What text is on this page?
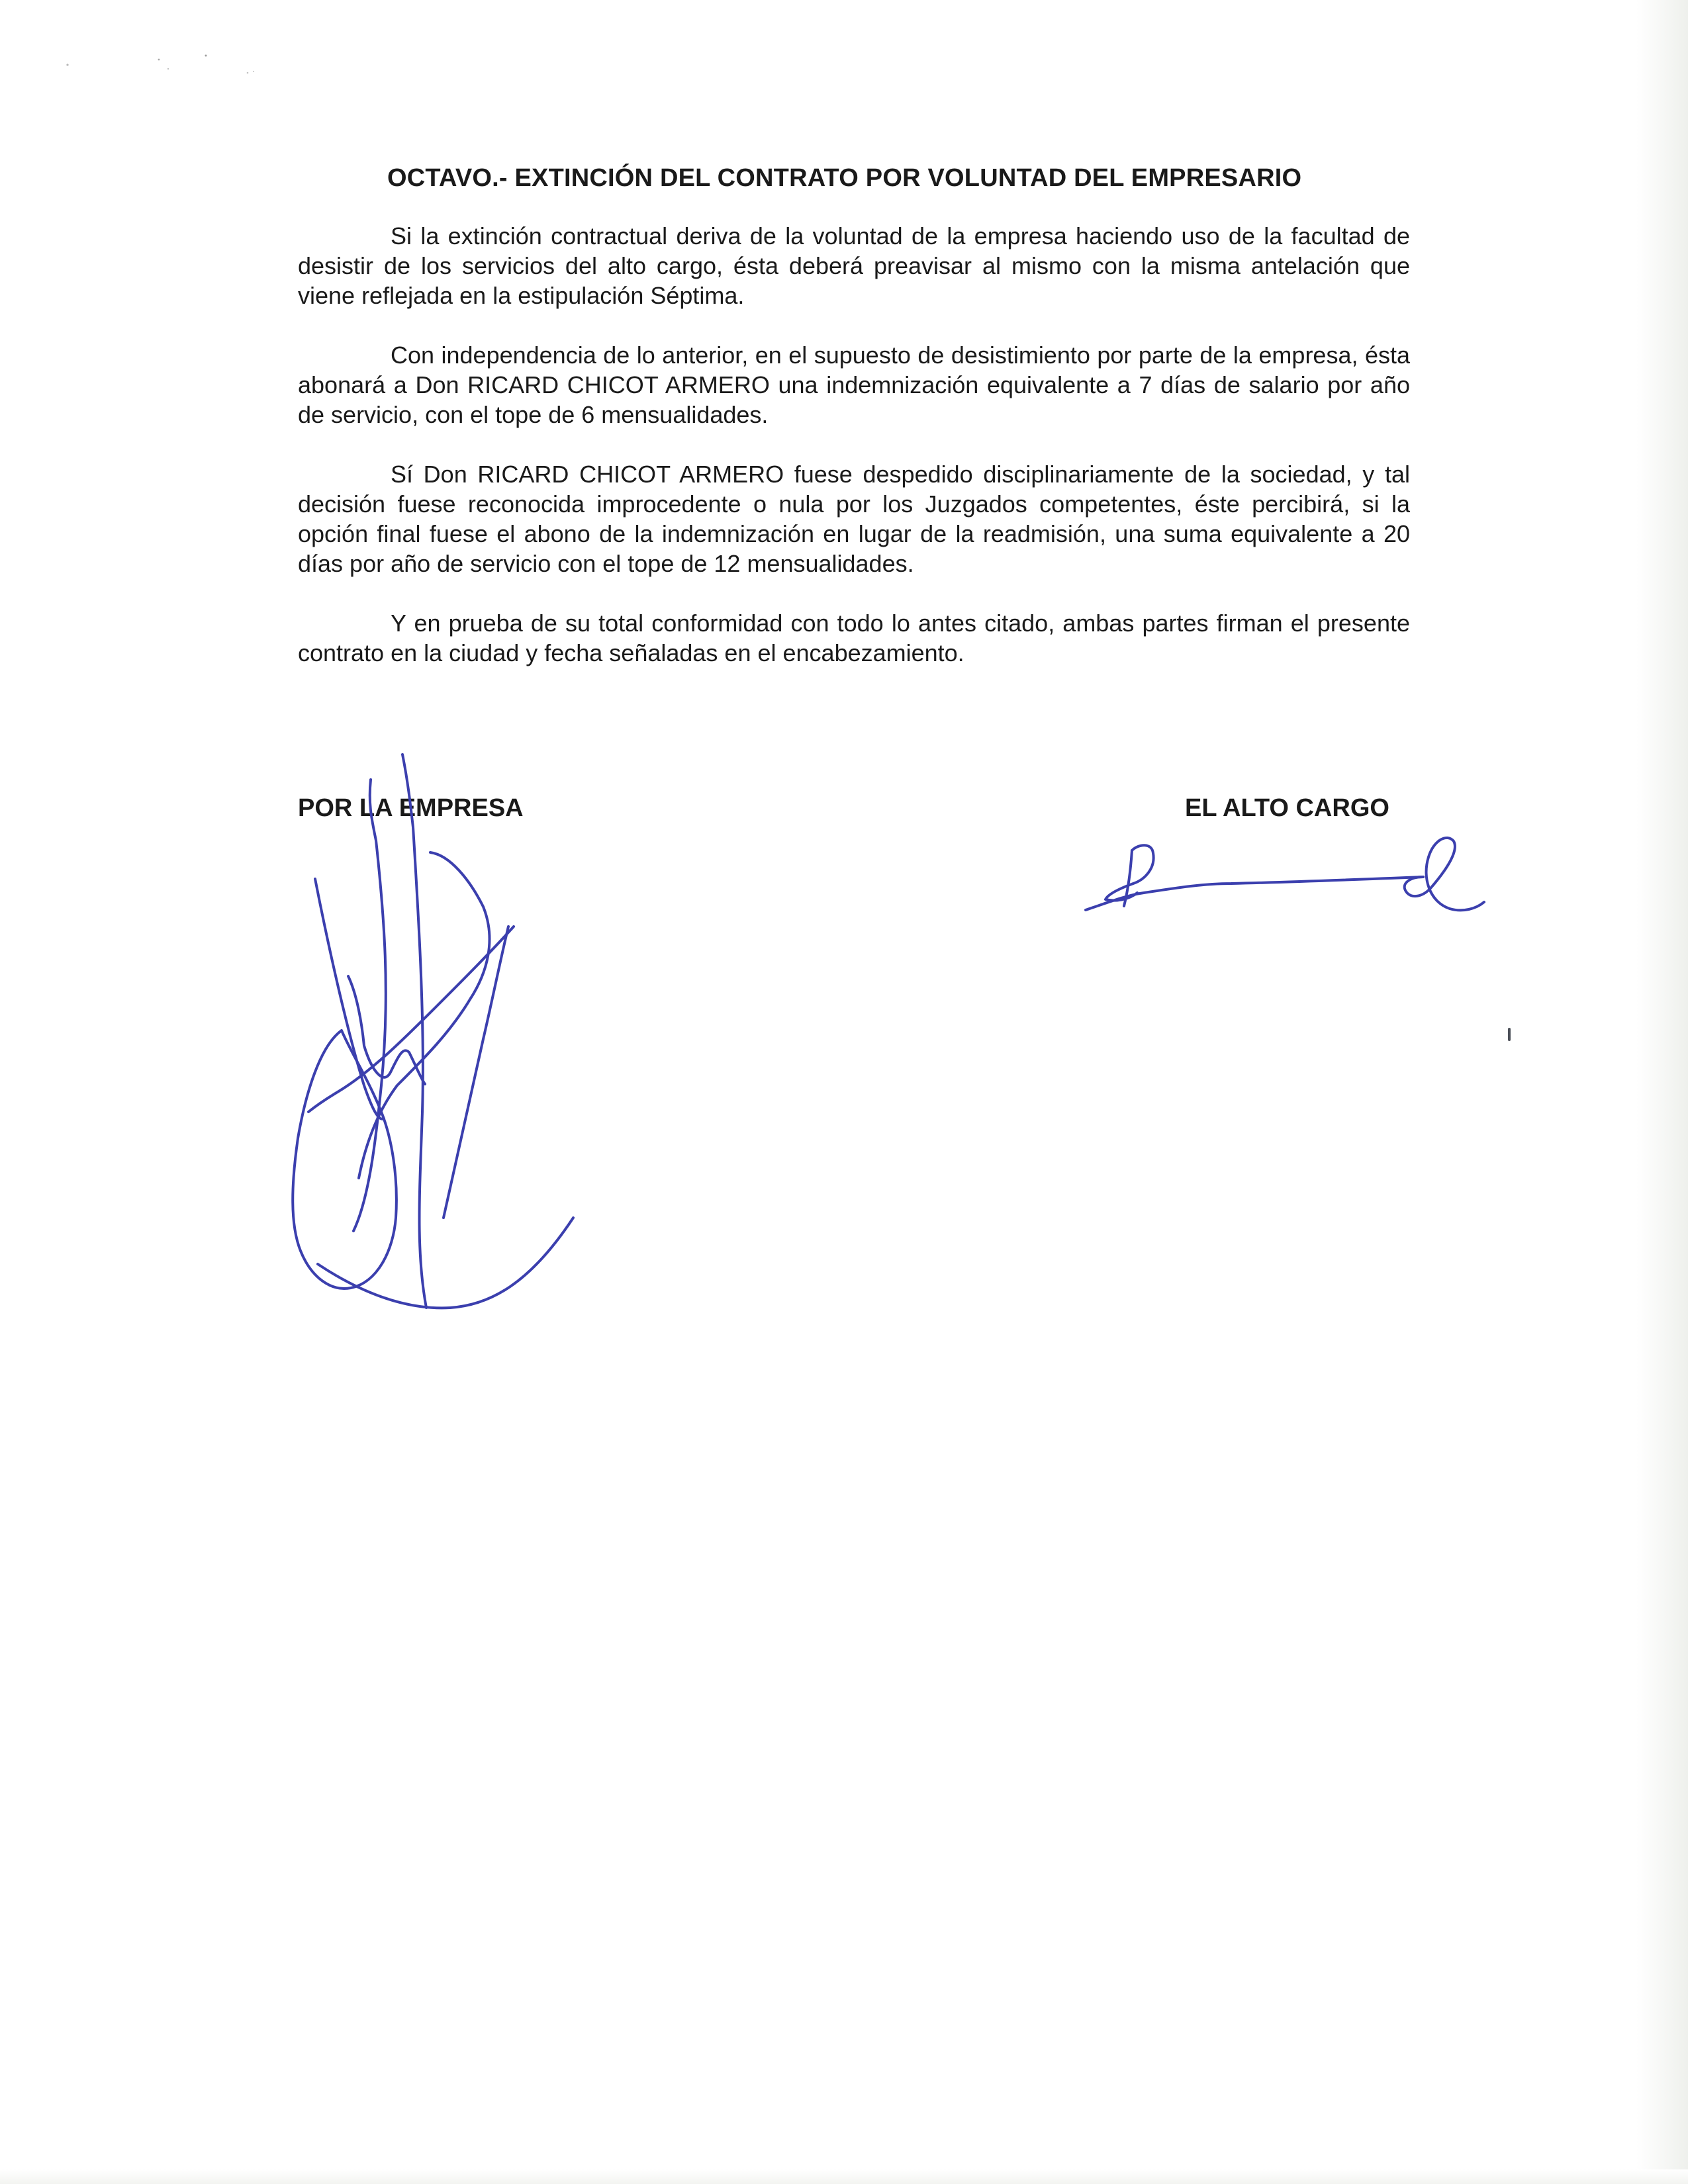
OCTAVO.- EXTINCIÓN DEL CONTRATO POR VOLUNTAD DEL EMPRESARIO

Si la extinción contractual deriva de la voluntad de la empresa haciendo uso de la facultad de desistir de los servicios del alto cargo, ésta deberá preavisar al mismo con la misma antelación que viene reflejada en la estipulación Séptima.

Con independencia de lo anterior, en el supuesto de desistimiento por parte de la empresa, ésta abonará a Don RICARD CHICOT ARMERO una indemnización equivalente a 7 días de salario por año de servicio, con el tope de 6 mensualidades.

Sí Don RICARD CHICOT ARMERO fuese despedido disciplinariamente de la sociedad, y tal decisión fuese reconocida improcedente o nula por los Juzgados competentes, éste percibirá, si la opción final fuese el abono de la indemnización en lugar de la readmisión, una suma equivalente a 20 días por año de servicio con el tope de 12 mensualidades.

Y en prueba de su total conformidad con todo lo antes citado, ambas partes firman el presente contrato en la ciudad y fecha señaladas en el encabezamiento.

POR LA EMPRESA	EL ALTO CARGO
